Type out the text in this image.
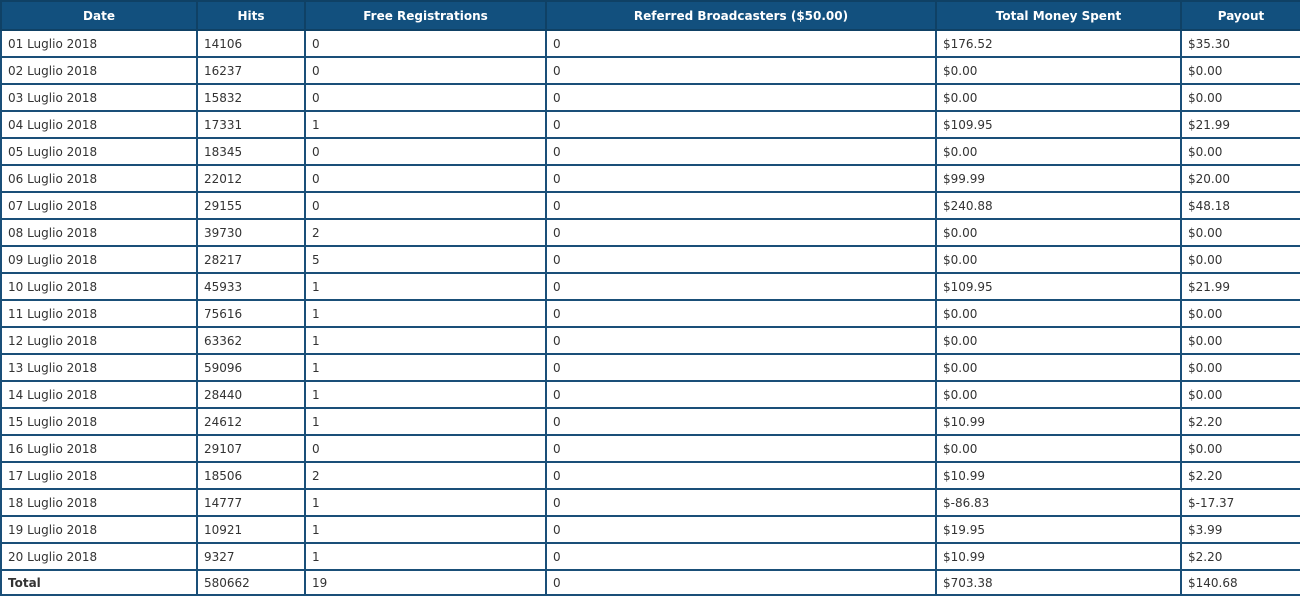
Date	Hits	Free Registrations	Referred Broadcasters ($50.00)	Total Money Spent	Payout
01 Luglio 2018	14106	0	0	$176.52	$35.30
02 Luglio 2018	16237	0	0	$0.00	$0.00
03 Luglio 2018	15832	0	0	$0.00	$0.00
04 Luglio 2018	17331	1	0	$109.95	$21.99
05 Luglio 2018	18345	0	0	$0.00	$0.00
06 Luglio 2018	22012	0	0	$99.99	$20.00
07 Luglio 2018	29155	0	0	$240.88	$48.18
08 Luglio 2018	39730	2	0	$0.00	$0.00
09 Luglio 2018	28217	5	0	$0.00	$0.00
10 Luglio 2018	45933	1	0	$109.95	$21.99
11 Luglio 2018	75616	1	0	$0.00	$0.00
12 Luglio 2018	63362	1	0	$0.00	$0.00
13 Luglio 2018	59096	1	0	$0.00	$0.00
14 Luglio 2018	28440	1	0	$0.00	$0.00
15 Luglio 2018	24612	1	0	$10.99	$2.20
16 Luglio 2018	29107	0	0	$0.00	$0.00
17 Luglio 2018	18506	2	0	$10.99	$2.20
18 Luglio 2018	14777	1	0	$-86.83	$-17.37
19 Luglio 2018	10921	1	0	$19.95	$3.99
20 Luglio 2018	9327	1	0	$10.99	$2.20
Total	580662	19	0	$703.38	$140.68
